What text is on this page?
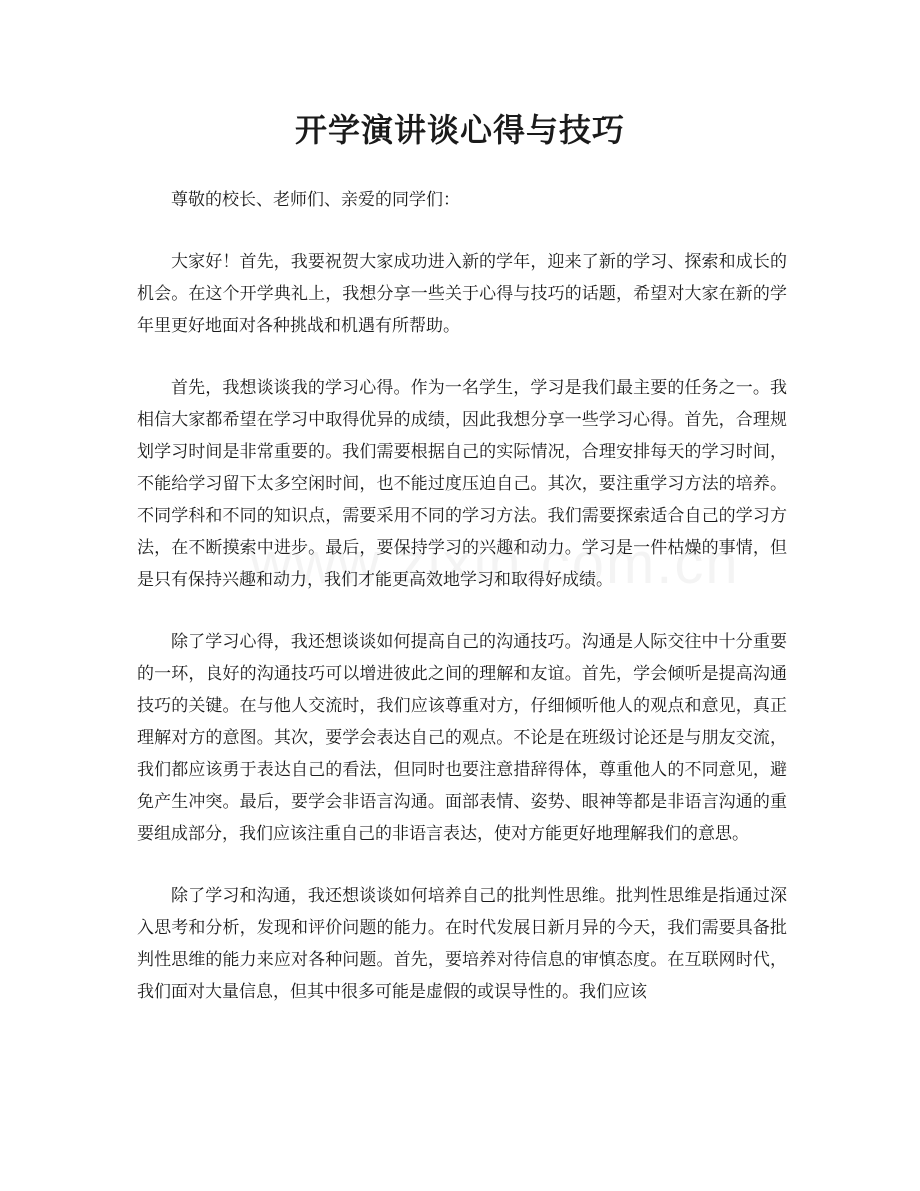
开学演讲谈心得与技巧

尊敬的校长、老师们、亲爱的同学们：

大家好！首先，我要祝贺大家成功进入新的学年，迎来了新的学习、探索和成长的机会。在这个开学典礼上，我想分享一些关于心得与技巧的话题，希望对大家在新的学年里更好地面对各种挑战和机遇有所帮助。

首先，我想谈谈我的学习心得。作为一名学生，学习是我们最主要的任务之一。我相信大家都希望在学习中取得优异的成绩，因此我想分享一些学习心得。首先，合理规划学习时间是非常重要的。我们需要根据自己的实际情况，合理安排每天的学习时间，不能给学习留下太多空闲时间，也不能过度压迫自己。其次，要注重学习方法的培养。不同学科和不同的知识点，需要采用不同的学习方法。我们需要探索适合自己的学习方法，在不断摸索中进步。最后，要保持学习的兴趣和动力。学习是一件枯燥的事情，但是只有保持兴趣和动力，我们才能更高效地学习和取得好成绩。

除了学习心得，我还想谈谈如何提高自己的沟通技巧。沟通是人际交往中十分重要的一环，良好的沟通技巧可以增进彼此之间的理解和友谊。首先，学会倾听是提高沟通技巧的关键。在与他人交流时，我们应该尊重对方，仔细倾听他人的观点和意见，真正理解对方的意图。其次，要学会表达自己的观点。不论是在班级讨论还是与朋友交流，我们都应该勇于表达自己的看法，但同时也要注意措辞得体，尊重他人的不同意见，避免产生冲突。最后，要学会非语言沟通。面部表情、姿势、眼神等都是非语言沟通的重要组成部分，我们应该注重自己的非语言表达，使对方能更好地理解我们的意思。

除了学习和沟通，我还想谈谈如何培养自己的批判性思维。批判性思维是指通过深入思考和分析，发现和评价问题的能力。在时代发展日新月异的今天，我们需要具备批判性思维的能力来应对各种问题。首先，要培养对待信息的审慎态度。在互联网时代，我们面对大量信息，但其中很多可能是虚假的或误导性的。我们应该
